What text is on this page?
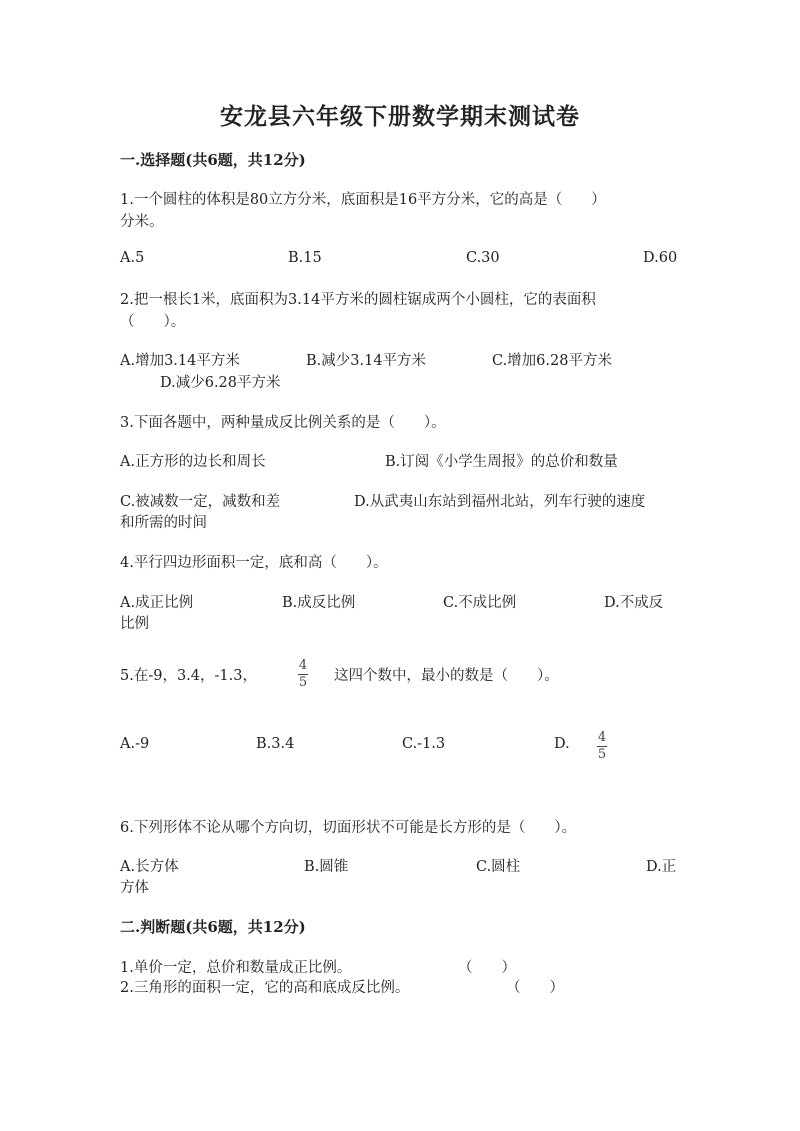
安龙县六年级下册数学期末测试卷
一.选择题(共6题，共12分)
1.一个圆柱的体积是80立方分米，底面积是16平方分米，它的高是（　　）
分米。
A.5	B.15	C.30	D.60
2.把一根长1米，底面积为3.14平方米的圆柱锯成两个小圆柱，它的表面积
（　　）。
A.增加3.14平方米	B.减少3.14平方米	C.增加6.28平方米
D.减少6.28平方米
3.下面各题中，两种量成反比例关系的是（　　）。
A.正方形的边长和周长	B.订阅《小学生周报》的总价和数量
C.被减数一定，减数和差	D.从武夷山东站到福州北站，列车行驶的速度
和所需的时间
4.平行四边形面积一定，底和高（　　）。
A.成正比例	B.成反比例	C.不成比例	D.不成反
比例
5.在-9，3.4，-1.3，
4
5 这四个数中，最小的数是（　　）。
A.-9	B.3.4	C.-1.3	D. 4
5
6.下列形体不论从哪个方向切，切面形状不可能是长方形的是（　　）。
A.长方体	B.圆锥	C.圆柱	D.正
方体
二.判断题(共6题，共12分)
1.单价一定，总价和数量成正比例。	（　　）
2.三角形的面积一定，它的高和底成反比例。	（　　）
